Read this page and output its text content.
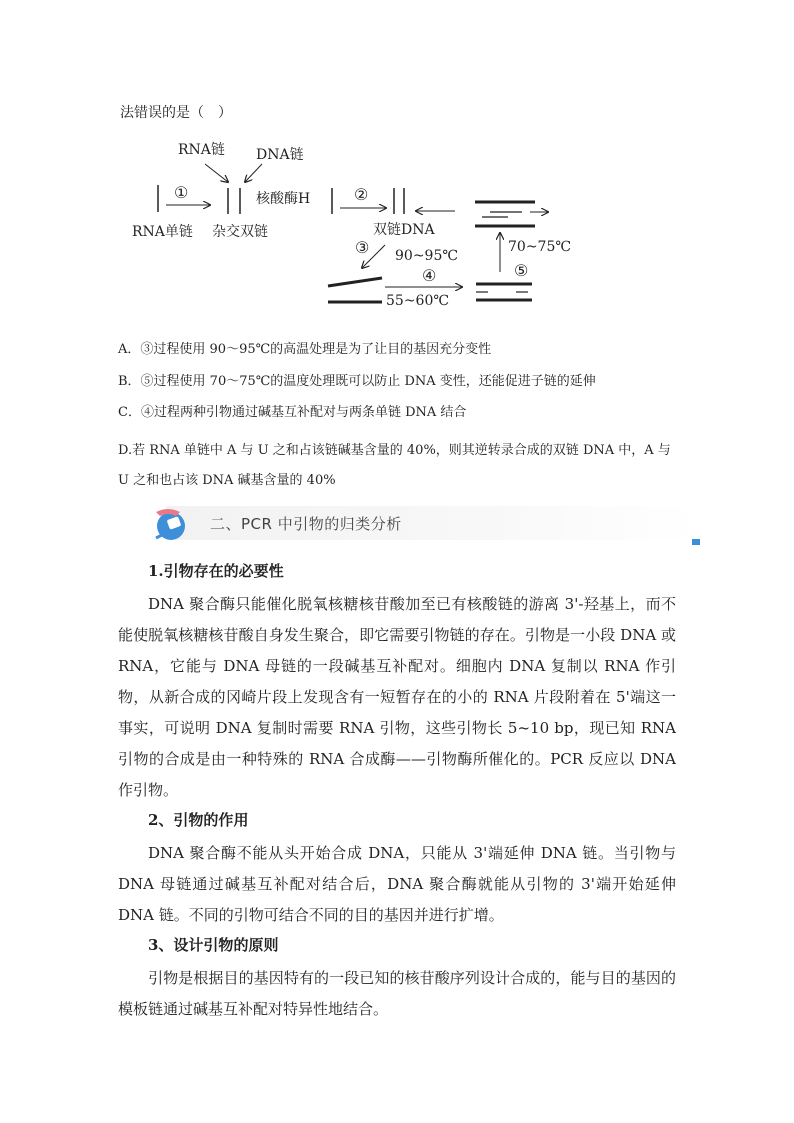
法错误的是（　）
RNA链 DNA链
①	核酸酶H	②
RNA单链 杂交双链	双链DNA
③ 90~95℃
④
55~60℃
⑤
70~75℃
A．③过程使用 90～95℃的高温处理是为了让目的基因充分变性
B．⑤过程使用 70～75℃的温度处理既可以防止 DNA 变性，还能促进子链的延伸
C．④过程两种引物通过碱基互补配对与两条单链 DNA 结合
D.若 RNA 单链中 A 与 U 之和占该链碱基含量的 40%，则其逆转录合成的双链 DNA 中，A 与 U 之和也占该 DNA 碱基含量的 40%
二、PCR 中引物的归类分析
1.引物存在的必要性
DNA 聚合酶只能催化脱氧核糖核苷酸加至已有核酸链的游离 3'-羟基上，而不能使脱氧核糖核苷酸自身发生聚合，即它需要引物链的存在。引物是一小段 DNA 或 RNA，它能与 DNA 母链的一段碱基互补配对。细胞内 DNA 复制以 RNA 作引物，从新合成的冈崎片段上发现含有一短暂存在的小的 RNA 片段附着在 5'端这一事实，可说明 DNA 复制时需要 RNA 引物，这些引物长 5~10 bp，现已知 RNA 引物的合成是由一种特殊的 RNA 合成酶——引物酶所催化的。PCR 反应以 DNA 作引物。
2、引物的作用
DNA 聚合酶不能从头开始合成 DNA，只能从 3'端延伸 DNA 链。当引物与 DNA 母链通过碱基互补配对结合后，DNA 聚合酶就能从引物的 3'端开始延伸 DNA 链。不同的引物可结合不同的目的基因并进行扩增。
3、设计引物的原则
引物是根据目的基因特有的一段已知的核苷酸序列设计合成的，能与目的基因的模板链通过碱基互补配对特异性地结合。
